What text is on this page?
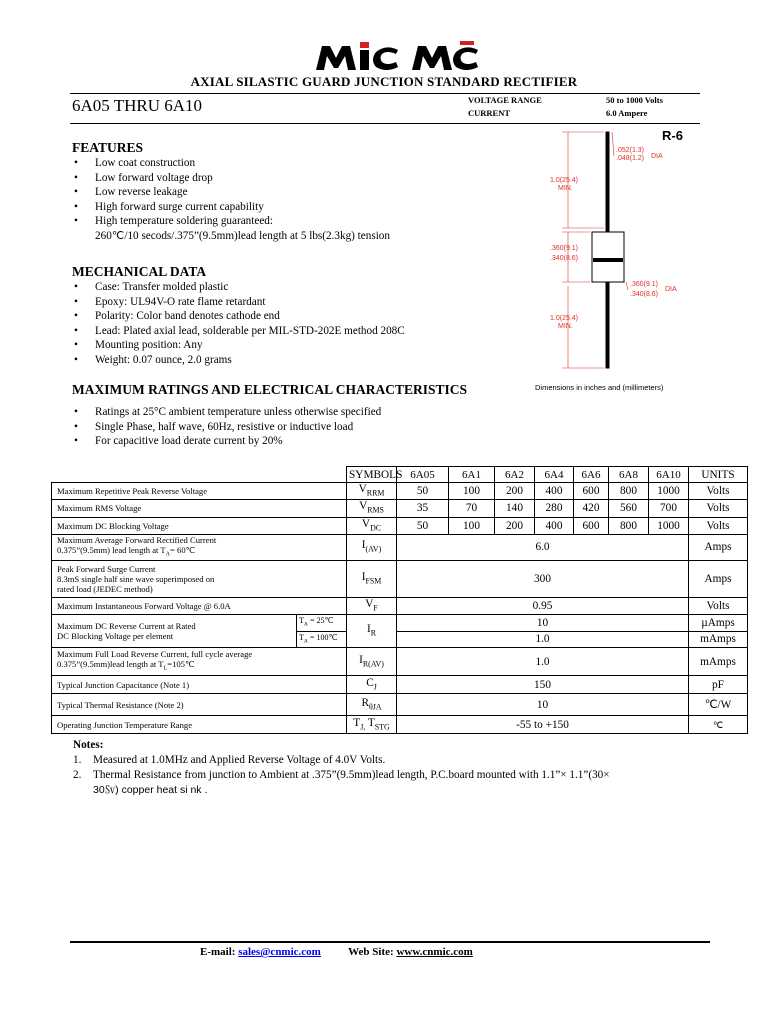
AXIAL SILASTIC GUARD JUNCTION STANDARD RECTIFIER
6A05 THRU 6A10	VOLTAGE RANGE
CURRENT
50 to 1000 Volts
6.0 Ampere
FEATURES
• Low coat construction
• Low forward voltage drop
• Low reverse leakage
• High forward surge current capability
• High temperature soldering guaranteed:
260℃/10 secods/.375”(9.5mm)lead length at 5 lbs(2.3kg) tension
MECHANICAL DATA
• Case: Transfer molded plastic
• Epoxy: UL94V-O rate flame retardant
• Polarity: Color band denotes cathode end
• Lead: Plated axial lead, solderable per MIL-STD-202E method 208C
• Mounting position: Any
• Weight: 0.07 ounce, 2.0 grams
MAXIMUM RATINGS AND ELECTRICAL CHARACTERISTICS
• Ratings at 25°C ambient temperature unless otherwise specified
• Single Phase, half wave, 60Hz, resistive or inductive load
• For capacitive load derate current by 20%
R-6
Dimensions in inches and (millimeters)
.052(1.3)
.048(1.2) DIA
1.0(25.4)
MIN.
.360(9.1)
.340(8.6)
.360(9.1)
.340(8.6)
DIA
1.0(25.4)
MIN.
		SYMBOLS	6A05	6A1	6A2	6A4	6A6	6A8	6A10	UNITS
Maximum Repetitive Peak Reverse Voltage		$V_{RRM}$	50	100	200	400	600	800	1000	Volts
Maximum RMS Voltage		$V_{RMS}$	35	70	140	280	420	560	700	Volts
Maximum DC Blocking Voltage		$V_{DC}$	50	100	200	400	600	800	1000	Volts

Maximum Average Forward Rectified Current
0.375”(9.5mm) lead length at $T_A=$ 60℃		$I_{(AV)}$	6.0							Amps

Peak Forward Surge Current
8.3mS single half sine wave superimposed on
rated load (JEDEC method)		$I_{FSM}$	300							Amps
Maximum Instantaneous Forward Voltage @ 6.0A		$V_F$	0.95							Volts

Maximum DC Reverse Current at Rated
DC Blocking Voltage per element	$T_A$ = 25℃	$I_R$	10							µAmps
	$T_A$ = 100℃		1.0							mAmps

Maximum Full Load Reverse Current, full cycle average
0.375”(9.5mm)lead length at $T_L=105℃$		$I_{R(AV)}$	1.0							mAmps
Typical Junction Capacitance (Note 1)		$C_J$	150							pF
Typical Thermal Resistance (Note 2)		$R_{\theta JA}$	10							℃/W
Operating Junction Temperature Range		$T_{J,}$ $T_{STG}$	-55 to +150							℃
Notes:
1. Measured at 1.0MHz and Applied Reverse Voltage of 4.0V Volts.
2. Thermal Resistance from junction to Ambient at .375”(9.5mm)lead length, P.C.board mounted with 1.1”× 1.1”(30×
30㏜) copper heat si nk .
E-mail: sales@cnmic.com Web Site: www.cnmic.com
